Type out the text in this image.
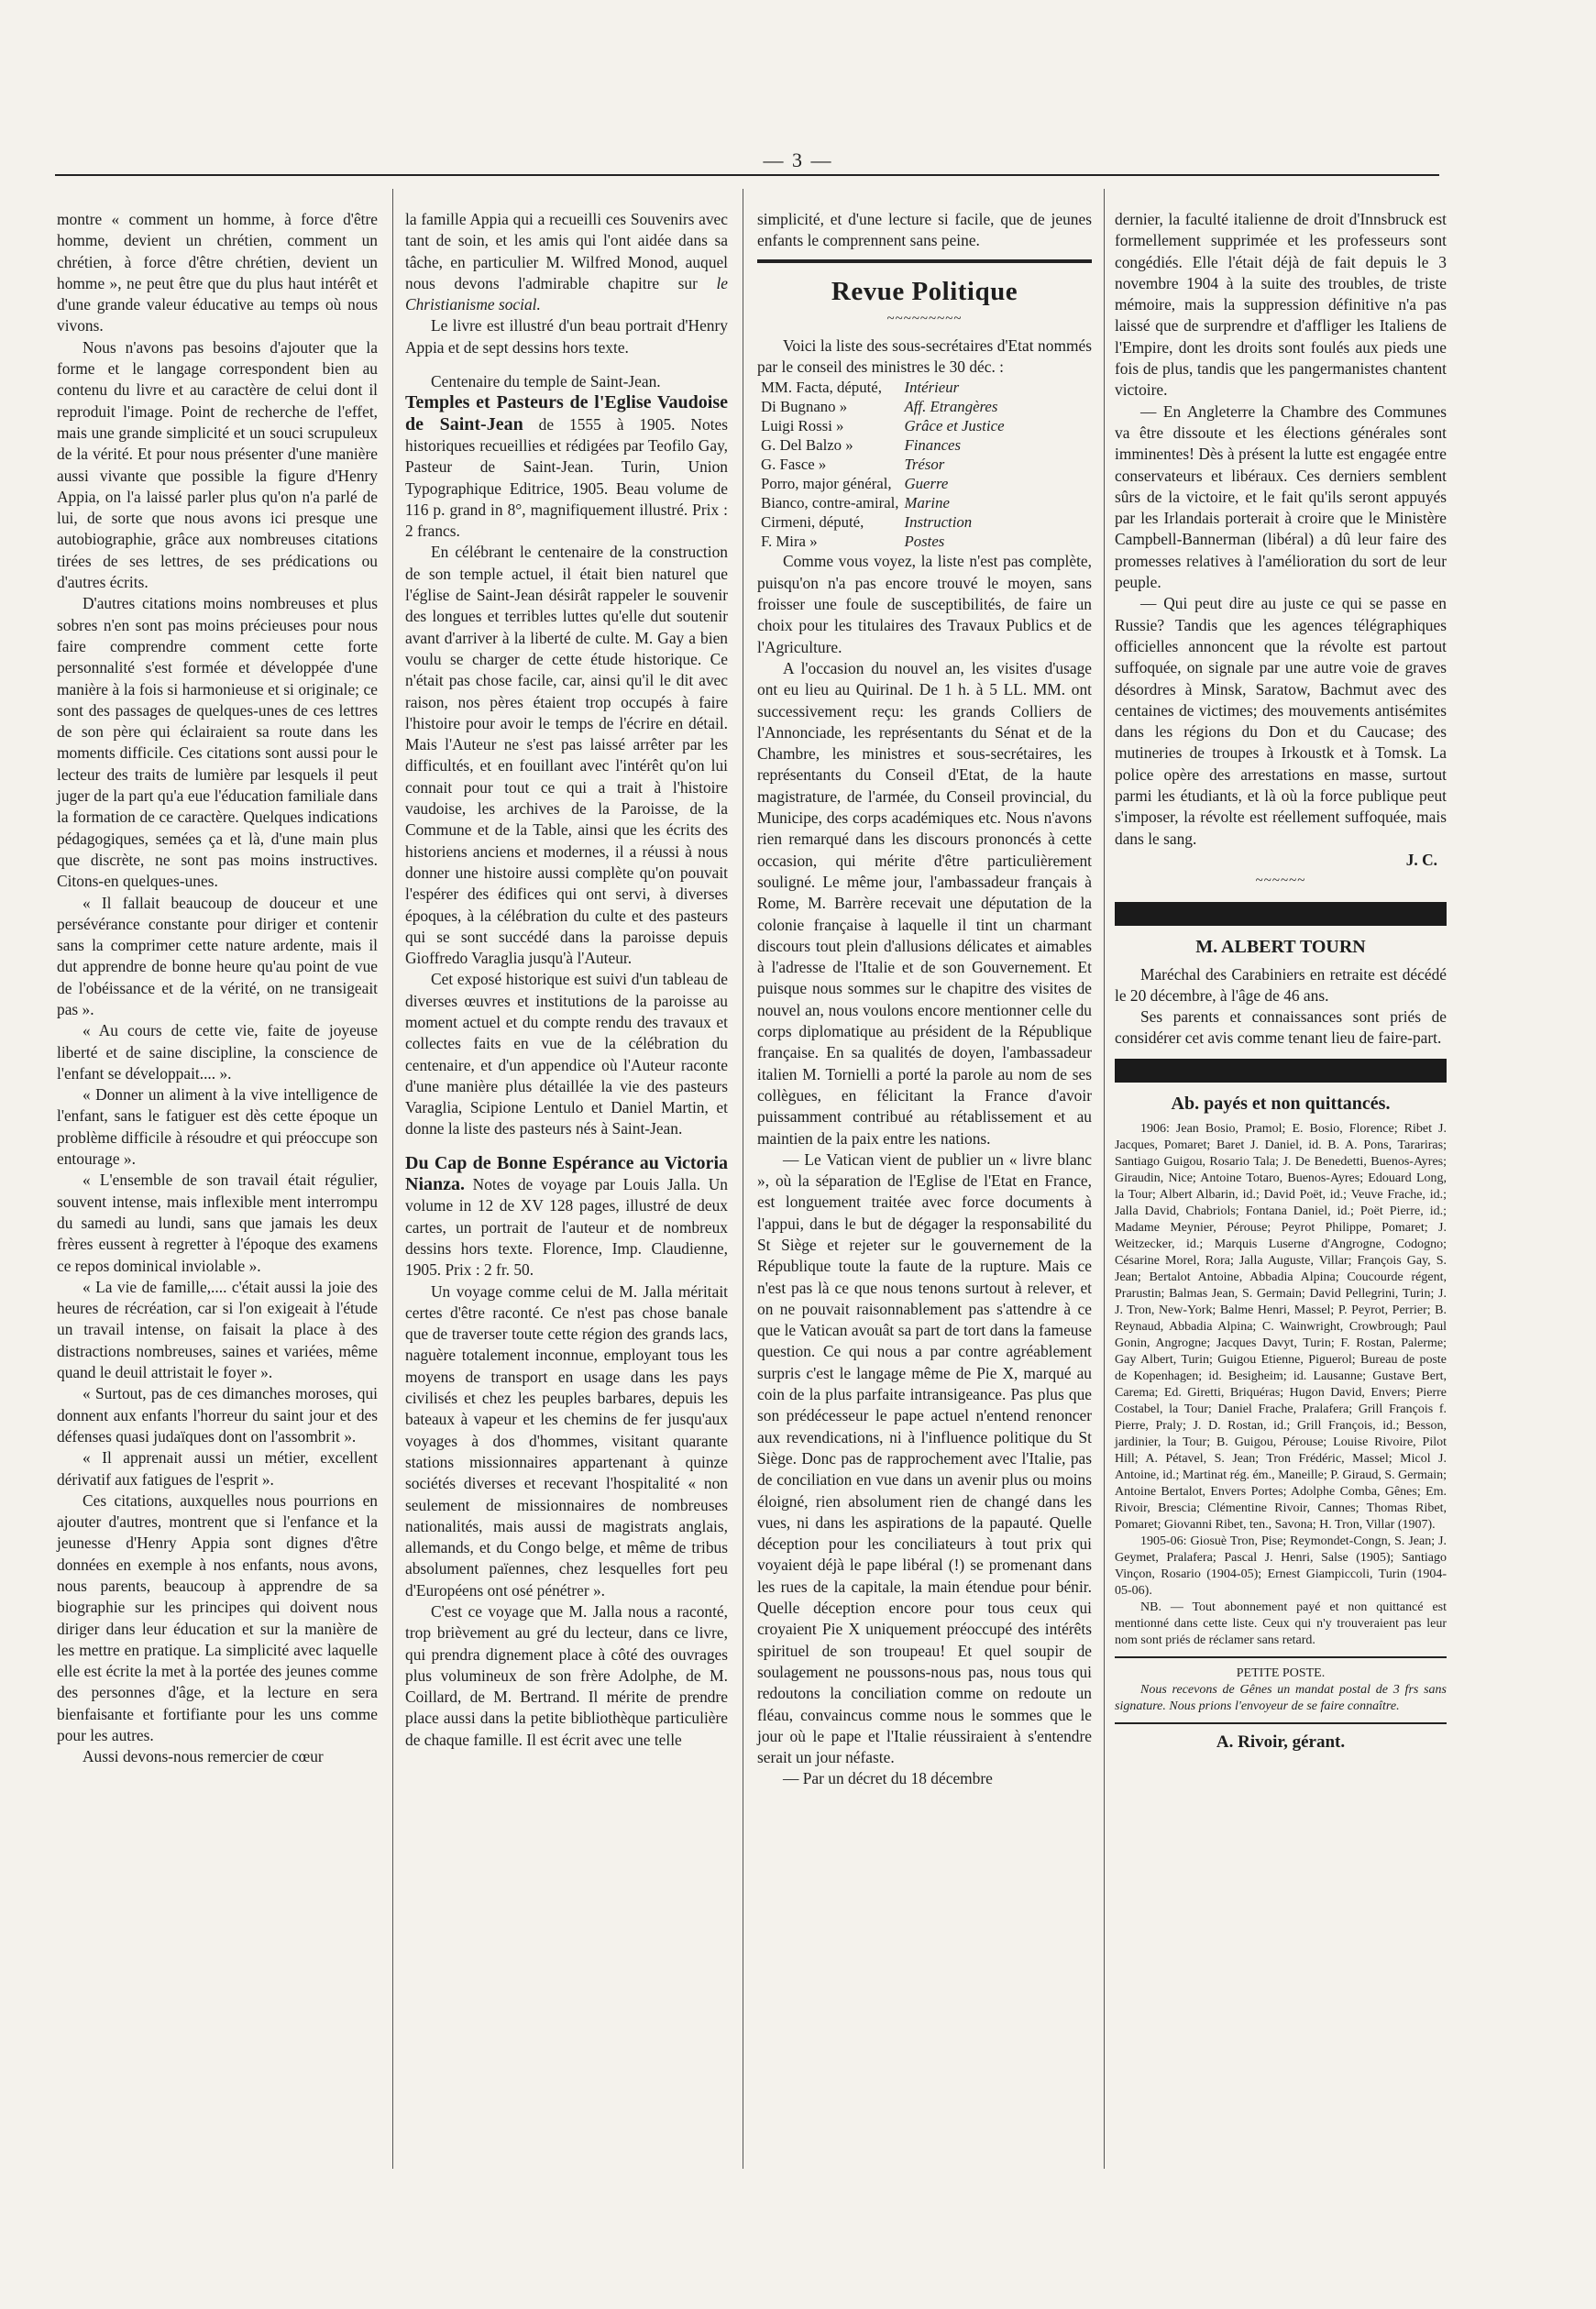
— 3 —

montre « comment un homme, à force d'être homme, devient un chrétien, comment un chrétien, à force d'être chrétien, devient un homme », ne peut être que du plus haut intérêt et d'une grande valeur éducative au temps où nous vivons.

Nous n'avons pas besoins d'ajouter que la forme et le langage correspondent bien au contenu du livre et au caractère de celui dont il reproduit l'image. Point de recherche de l'effet, mais une grande simplicité et un souci scrupuleux de la vérité. Et pour nous présenter d'une manière aussi vivante que possible la figure d'Henry Appia, on l'a laissé parler plus qu'on n'a parlé de lui, de sorte que nous avons ici presque une autobiographie, grâce aux nombreuses citations tirées de ses lettres, de ses prédications ou d'autres écrits.

D'autres citations moins nombreuses et plus sobres n'en sont pas moins précieuses pour nous faire comprendre comment cette forte personnalité s'est formée et développée d'une manière à la fois si harmonieuse et si originale; ce sont des passages de quelques-unes de ces lettres de son père qui éclairaient sa route dans les moments difficile. Ces citations sont aussi pour le lecteur des traits de lumière par lesquels il peut juger de la part qu'a eue l'éducation familiale dans la formation de ce caractère. Quelques indications pédagogiques, semées ça et là, d'une main plus que discrète, ne sont pas moins instructives. Citons-en quelques-unes.

« Il fallait beaucoup de douceur et une persévérance constante pour diriger et contenir sans la comprimer cette nature ardente, mais il dut apprendre de bonne heure qu'au point de vue de l'obéissance et de la vérité, on ne transigeait pas ».

« Au cours de cette vie, faite de joyeuse liberté et de saine discipline, la conscience de l'enfant se développait.... ».

« Donner un aliment à la vive intelligence de l'enfant, sans le fatiguer est dès cette époque un problème difficile à résoudre et qui préoccupe son entourage ».

« L'ensemble de son travail était régulier, souvent intense, mais inflexible ment interrompu du samedi au lundi, sans que jamais les deux frères eussent à regretter à l'époque des examens ce repos dominical inviolable ».

« La vie de famille,.... c'était aussi la joie des heures de récréation, car si l'on exigeait à l'étude un travail intense, on faisait la place à des distractions nombreuses, saines et variées, même quand le deuil attristait le foyer ».

« Surtout, pas de ces dimanches moroses, qui donnent aux enfants l'horreur du saint jour et des défenses quasi judaïques dont on l'assombrit ».

« Il apprenait aussi un métier, excellent dérivatif aux fatigues de l'esprit ».

Ces citations, auxquelles nous pourrions en ajouter d'autres, montrent que si l'enfance et la jeunesse d'Henry Appia sont dignes d'être données en exemple à nos enfants, nous avons, nous parents, beaucoup à apprendre de sa biographie sur les principes qui doivent nous diriger dans leur éducation et sur la manière de les mettre en pratique. La simplicité avec laquelle elle est écrite la met à la portée des jeunes comme des personnes d'âge, et la lecture en sera bienfaisante et fortifiante pour les uns comme pour les autres.

Aussi devons-nous remercier de cœur

la famille Appia qui a recueilli ces Souvenirs avec tant de soin, et les amis qui l'ont aidée dans sa tâche, en particulier M. Wilfred Monod, auquel nous devons l'admirable chapitre sur le Christianisme social.

Le livre est illustré d'un beau portrait d'Henry Appia et de sept dessins hors texte.

Centenaire du temple de Saint-Jean.

Temples et Pasteurs de l'Eglise Vaudoise de Saint-Jean de 1555 à 1905. Notes historiques recueillies et rédigées par Teofilo Gay, Pasteur de Saint-Jean. Turin, Union Typographique Editrice, 1905. Beau volume de 116 p. grand in 8°, magnifiquement illustré. Prix : 2 francs.

En célébrant le centenaire de la construction de son temple actuel, il était bien naturel que l'église de Saint-Jean désirât rappeler le souvenir des longues et terribles luttes qu'elle dut soutenir avant d'arriver à la liberté de culte. M. Gay a bien voulu se charger de cette étude historique. Ce n'était pas chose facile, car, ainsi qu'il le dit avec raison, nos pères étaient trop occupés à faire l'histoire pour avoir le temps de l'écrire en détail. Mais l'Auteur ne s'est pas laissé arrêter par les difficultés, et en fouillant avec l'intérêt qu'on lui connait pour tout ce qui a trait à l'histoire vaudoise, les archives de la Paroisse, de la Commune et de la Table, ainsi que les écrits des historiens anciens et modernes, il a réussi à nous donner une histoire aussi complète qu'on pouvait l'espérer des édifices qui ont servi, à diverses époques, à la célébration du culte et des pasteurs qui se sont succédé dans la paroisse depuis Gioffredo Varaglia jusqu'à l'Auteur.

Cet exposé historique est suivi d'un tableau de diverses œuvres et institutions de la paroisse au moment actuel et du compte rendu des travaux et collectes faits en vue de la célébration du centenaire, et d'un appendice où l'Auteur raconte d'une manière plus détaillée la vie des pasteurs Varaglia, Scipione Lentulo et Daniel Martin, et donne la liste des pasteurs nés à Saint-Jean.

Du Cap de Bonne Espérance au Victoria Nianza. Notes de voyage par Louis Jalla. Un volume in 12 de XV 128 pages, illustré de deux cartes, un portrait de l'auteur et de nombreux dessins hors texte. Florence, Imp. Claudienne, 1905. Prix : 2 fr. 50.

Un voyage comme celui de M. Jalla méritait certes d'être raconté. Ce n'est pas chose banale que de traverser toute cette région des grands lacs, naguère totalement inconnue, employant tous les moyens de transport en usage dans les pays civilisés et chez les peuples barbares, depuis les bateaux à vapeur et les chemins de fer jusqu'aux voyages à dos d'hommes, visitant quarante stations missionnaires appartenant à quinze sociétés diverses et recevant l'hospitalité « non seulement de missionnaires de nombreuses nationalités, mais aussi de magistrats anglais, allemands, et du Congo belge, et même de tribus absolument païennes, chez lesquelles fort peu d'Européens ont osé pénétrer ».

C'est ce voyage que M. Jalla nous a raconté, trop brièvement au gré du lecteur, dans ce livre, qui prendra dignement place à côté des ouvrages plus volumineux de son frère Adolphe, de M. Coillard, de M. Bertrand. Il mérite de prendre place aussi dans la petite bibliothèque particulière de chaque famille. Il est écrit avec une telle

simplicité, et d'une lecture si facile, que de jeunes enfants le comprennent sans peine.

Revue Politique
~~~~~~~~~

Voici la liste des sous-secrétaires d'Etat nommés par le conseil des ministres le 30 déc. :

MM. Facta, député,	Intérieur
Di Bugnano »	Aff. Etrangères
Luigi Rossi »	Grâce et Justice
G. Del Balzo »	Finances
G. Fasce »	Trésor
Porro, major général,	Guerre
Bianco, contre-amiral,	Marine
Cirmeni, député,	Instruction
F. Mira »	Postes

Comme vous voyez, la liste n'est pas complète, puisqu'on n'a pas encore trouvé le moyen, sans froisser une foule de susceptibilités, de faire un choix pour les titulaires des Travaux Publics et de l'Agriculture.

A l'occasion du nouvel an, les visites d'usage ont eu lieu au Quirinal. De 1 h. à 5 LL. MM. ont successivement reçu: les grands Colliers de l'Annonciade, les représentants du Sénat et de la Chambre, les ministres et sous-secrétaires, les représentants du Conseil d'Etat, de la haute magistrature, de l'armée, du Conseil provincial, du Municipe, des corps académiques etc. Nous n'avons rien remarqué dans les discours prononcés à cette occasion, qui mérite d'être particulièrement souligné. Le même jour, l'ambassadeur français à Rome, M. Barrère recevait une députation de la colonie française à laquelle il tint un charmant discours tout plein d'allusions délicates et aimables à l'adresse de l'Italie et de son Gouvernement. Et puisque nous sommes sur le chapitre des visites de nouvel an, nous voulons encore mentionner celle du corps diplomatique au président de la République française. En sa qualités de doyen, l'ambassadeur italien M. Tornielli a porté la parole au nom de ses collègues, en félicitant la France d'avoir puissamment contribué au rétablissement et au maintien de la paix entre les nations.

— Le Vatican vient de publier un « livre blanc », où la séparation de l'Eglise de l'Etat en France, est longuement traitée avec force documents à l'appui, dans le but de dégager la responsabilité du St Siège et rejeter sur le gouvernement de la République toute la faute de la rupture. Mais ce n'est pas là ce que nous tenons surtout à relever, et on ne pouvait raisonnablement pas s'attendre à ce que le Vatican avouât sa part de tort dans la fameuse question. Ce qui nous a par contre agréablement surpris c'est le langage même de Pie X, marqué au coin de la plus parfaite intransigeance. Pas plus que son prédécesseur le pape actuel n'entend renoncer aux revendications, ni à l'influence politique du St Siège. Donc pas de rapprochement avec l'Italie, pas de conciliation en vue dans un avenir plus ou moins éloigné, rien absolument rien de changé dans les vues, ni dans les aspirations de la papauté. Quelle déception pour les conciliateurs à tout prix qui voyaient déjà le pape libéral (!) se promenant dans les rues de la capitale, la main étendue pour bénir. Quelle déception encore pour tous ceux qui croyaient Pie X uniquement préoccupé des intérêts spirituel de son troupeau! Et quel soupir de soulagement ne poussons-nous pas, nous tous qui redoutons la conciliation comme on redoute un fléau, convaincus comme nous le sommes que le jour où le pape et l'Italie réussiraient à s'entendre serait un jour néfaste.

— Par un décret du 18 décembre

dernier, la faculté italienne de droit d'Innsbruck est formellement supprimée et les professeurs sont congédiés. Elle l'était déjà de fait depuis le 3 novembre 1904 à la suite des troubles, de triste mémoire, mais la suppression définitive n'a pas laissé que de surprendre et d'affliger les Italiens de l'Empire, dont les droits sont foulés aux pieds une fois de plus, tandis que les pangermanistes chantent victoire.

— En Angleterre la Chambre des Communes va être dissoute et les élections générales sont imminentes! Dès à présent la lutte est engagée entre conservateurs et libéraux. Ces derniers semblent sûrs de la victoire, et le fait qu'ils seront appuyés par les Irlandais porterait à croire que le Ministère Campbell-Bannerman (libéral) a dû leur faire des promesses relatives à l'amélioration du sort de leur peuple.

— Qui peut dire au juste ce qui se passe en Russie? Tandis que les agences télégraphiques officielles annoncent que la révolte est partout suffoquée, on signale par une autre voie de graves désordres à Minsk, Saratow, Bachmut avec des centaines de victimes; des mouvements antisémites dans les régions du Don et du Caucase; des mutineries de troupes à Irkoustk et à Tomsk. La police opère des arrestations en masse, surtout parmi les étudiants, et là où la force publique peut s'imposer, la révolte est réellement suffoquée, mais dans le sang.

J. C.
~~~~~~
M. ALBERT TOURN

Maréchal des Carabiniers en retraite est décédé le 20 décembre, à l'âge de 46 ans.

Ses parents et connaissances sont priés de considérer cet avis comme tenant lieu de faire-part.

Ab. payés et non quittancés.

1906: Jean Bosio, Pramol; E. Bosio, Florence; Ribet J. Jacques, Pomaret; Baret J. Daniel, id. B. A. Pons, Tarariras; Santiago Guigou, Rosario Tala; J. De Benedetti, Buenos-Ayres; Giraudin, Nice; Antoine Totaro, Buenos-Ayres; Edouard Long, la Tour; Albert Albarin, id.; David Poët, id.; Veuve Frache, id.; Jalla David, Chabriols; Fontana Daniel, id.; Poët Pierre, id.; Madame Meynier, Pérouse; Peyrot Philippe, Pomaret; J. Weitzecker, id.; Marquis Luserne d'Angrogne, Codogno; Césarine Morel, Rora; Jalla Auguste, Villar; François Gay, S. Jean; Bertalot Antoine, Abbadia Alpina; Coucourde régent, Prarustin; Balmas Jean, S. Germain; David Pellegrini, Turin; J. J. Tron, New-York; Balme Henri, Massel; P. Peyrot, Perrier; B. Reynaud, Abbadia Alpina; C. Wainwright, Crowbrough; Paul Gonin, Angrogne; Jacques Davyt, Turin; F. Rostan, Palerme; Gay Albert, Turin; Guigou Etienne, Piguerol; Bureau de poste de Kopenhagen; id. Besigheim; id. Lausanne; Gustave Bert, Carema; Ed. Giretti, Briquéras; Hugon David, Envers; Pierre Costabel, la Tour; Daniel Frache, Pralafera; Grill François f. Pierre, Praly; J. D. Rostan, id.; Grill François, id.; Besson, jardinier, la Tour; B. Guigou, Pérouse; Louise Rivoire, Pilot Hill; A. Pétavel, S. Jean; Tron Frédéric, Massel; Micol J. Antoine, id.; Martinat rég. ém., Maneille; P. Giraud, S. Germain; Antoine Bertalot, Envers Portes; Adolphe Comba, Gênes; Em. Rivoir, Brescia; Clémentine Rivoir, Cannes; Thomas Ribet, Pomaret; Giovanni Ribet, ten., Savona; H. Tron, Villar (1907).

1905-06: Giosuè Tron, Pise; Reymondet-Congn, S. Jean; J. Geymet, Pralafera; Pascal J. Henri, Salse (1905); Santiago Vinçon, Rosario (1904-05); Ernest Giampiccoli, Turin (1904-05-06).

NB. — Tout abonnement payé et non quittancé est mentionné dans cette liste. Ceux qui n'y trouveraient pas leur nom sont priés de réclamer sans retard.

PETITE POSTE.

Nous recevons de Gênes un mandat postal de 3 frs sans signature. Nous prions l'envoyeur de se faire connaître.

A. Rivoir, gérant.
